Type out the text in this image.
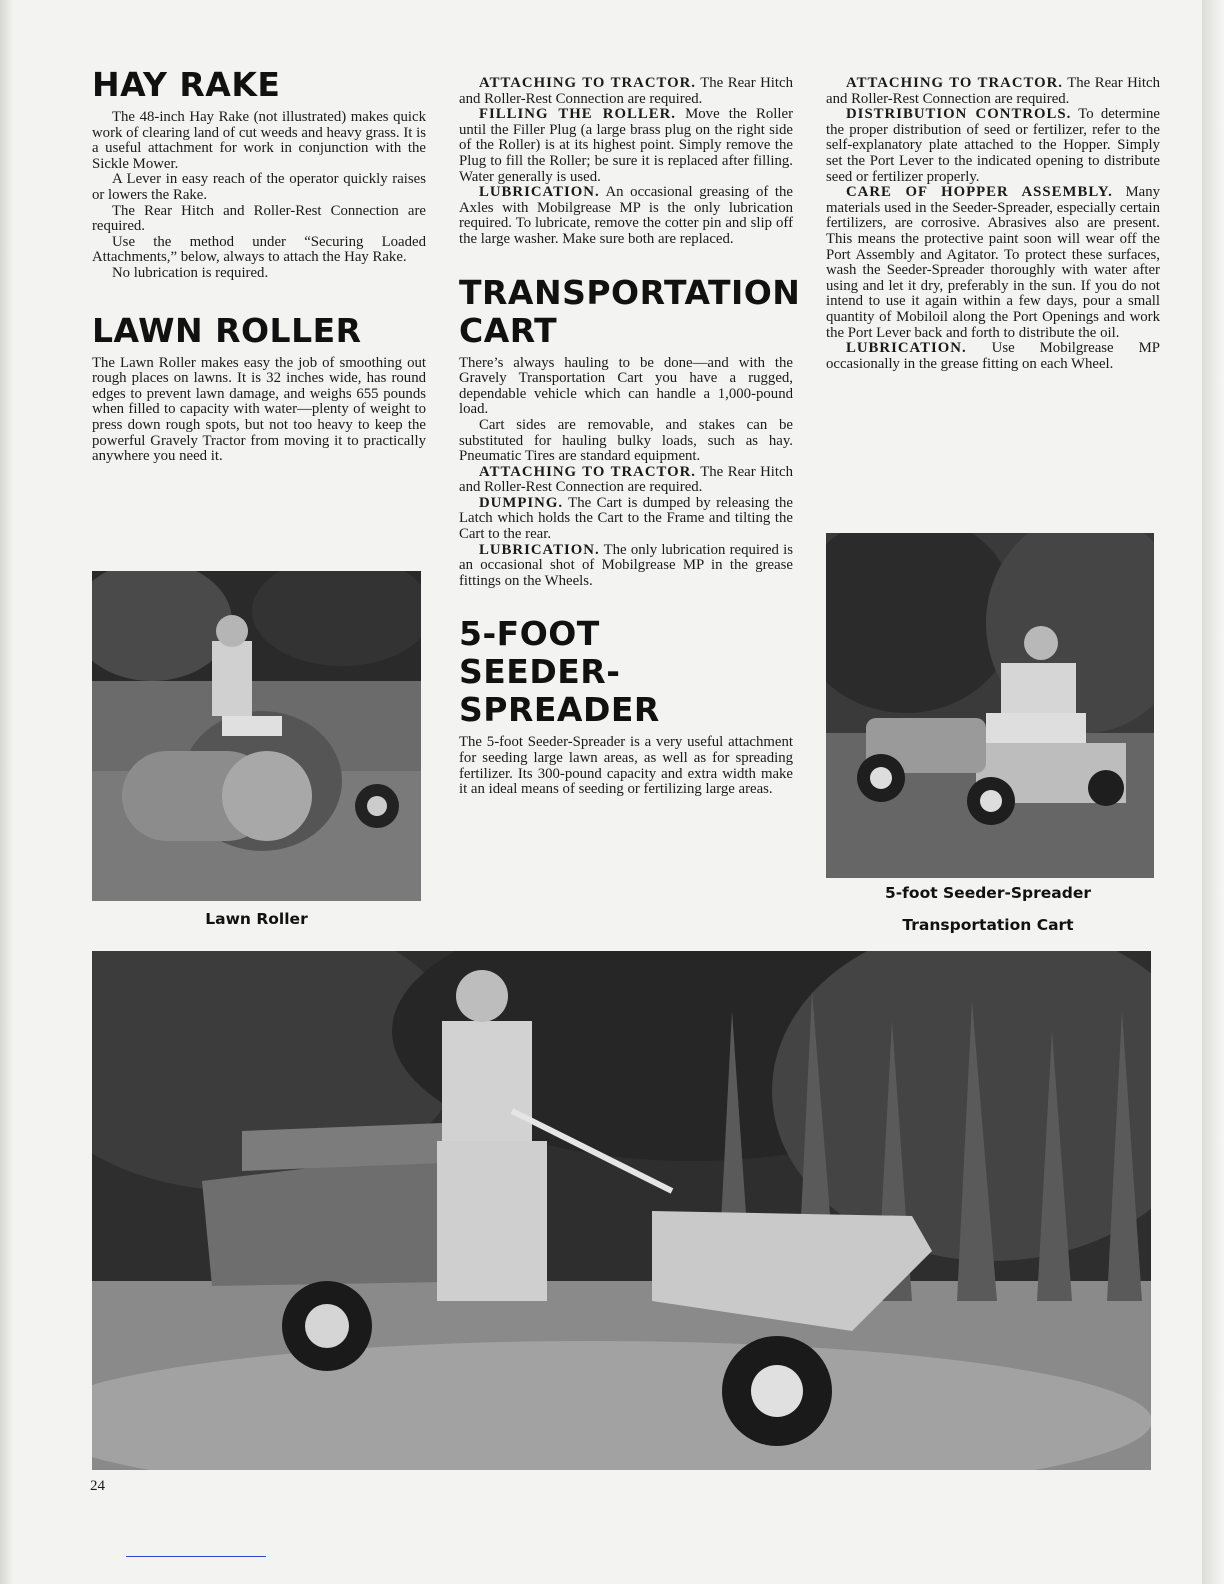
HAY RAKE

The 48-inch Hay Rake (not illustrated) makes quick work of clearing land of cut weeds and heavy grass. It is a useful attachment for work in conjunction with the Sickle Mower.

A Lever in easy reach of the operator quickly raises or lowers the Rake.

The Rear Hitch and Roller-Rest Connection are required.

Use the method under “Securing Loaded Attachments,” below, always to attach the Hay Rake.

No lubrication is required.

LAWN ROLLER

The Lawn Roller makes easy the job of smoothing out rough places on lawns. It is 32 inches wide, has round edges to prevent lawn damage, and weighs 655 pounds when filled to capacity with water—plenty of weight to press down rough spots, but not too heavy to keep the powerful Gravely Tractor from moving it to practically anywhere you need it.

ATTACHING TO TRACTOR. The Rear Hitch and Roller-Rest Connection are required.

FILLING THE ROLLER. Move the Roller until the Filler Plug (a large brass plug on the right side of the Roller) is at its highest point. Simply remove the Plug to fill the Roller; be sure it is replaced after filling. Water generally is used.

LUBRICATION. An occasional greasing of the Axles with Mobilgrease MP is the only lubrication required. To lubricate, remove the cotter pin and slip off the large washer. Make sure both are replaced.

TRANSPORTATION
CART

There’s always hauling to be done—and with the Gravely Transportation Cart you have a rugged, dependable vehicle which can handle a 1,000-pound load.

Cart sides are removable, and stakes can be substituted for hauling bulky loads, such as hay. Pneumatic Tires are standard equipment.

ATTACHING TO TRACTOR. The Rear Hitch and Roller-Rest Connection are required.

DUMPING. The Cart is dumped by releasing the Latch which holds the Cart to the Frame and tilting the Cart to the rear.

LUBRICATION. The only lubrication required is an occasional shot of Mobilgrease MP in the grease fittings on the Wheels.

5-FOOT
SEEDER-SPREADER

The 5-foot Seeder-Spreader is a very useful attachment for seeding large lawn areas, as well as for spreading fertilizer. Its 300-pound capacity and extra width make it an ideal means of seeding or fertilizing large areas.

ATTACHING TO TRACTOR. The Rear Hitch and Roller-Rest Connection are required.

DISTRIBUTION CONTROLS. To determine the proper distribution of seed or fertilizer, refer to the self-explanatory plate attached to the Hopper. Simply set the Port Lever to the indicated opening to distribute seed or fertilizer properly.

CARE OF HOPPER ASSEMBLY. Many materials used in the Seeder-Spreader, especially certain fertilizers, are corrosive. Abrasives also are present. This means the protective paint soon will wear off the Port Assembly and Agitator. To protect these surfaces, wash the Seeder-Spreader thoroughly with water after using and let it dry, preferably in the sun. If you do not intend to use it again within a few days, pour a small quantity of Mobiloil along the Port Openings and work the Port Lever back and forth to distribute the oil.

LUBRICATION. Use Mobilgrease MP occasionally in the grease fitting on each Wheel.

Lawn Roller
5-foot Seeder-Spreader
Transportation Cart
24
